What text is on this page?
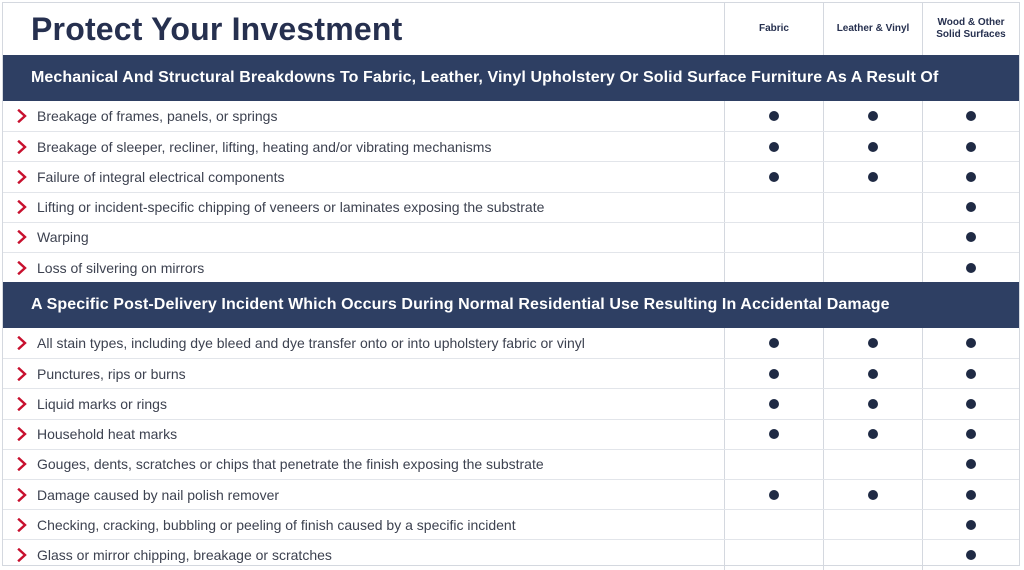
Protect Your Investment	Fabric	Leather & Vinyl
Wood & Other
Solid Surfaces
Mechanical And Structural Breakdowns To Fabric, Leather, Vinyl Upholstery Or Solid Surface Furniture As A Result Of
Breakage of frames, panels, or springs
Breakage of sleeper, recliner, lifting, heating and/or vibrating mechanisms
Failure of integral electrical components
Lifting or incident-specific chipping of veneers or laminates exposing the substrate
Warping
Loss of silvering on mirrors
A Specific Post-Delivery Incident Which Occurs During Normal Residential Use Resulting In Accidental Damage
All stain types, including dye bleed and dye transfer onto or into upholstery fabric or vinyl
Punctures, rips or burns
Liquid marks or rings
Household heat marks
Gouges, dents, scratches or chips that penetrate the finish exposing the substrate
Damage caused by nail polish remover
Checking, cracking, bubbling or peeling of finish caused by a specific incident
Glass or mirror chipping, breakage or scratches
